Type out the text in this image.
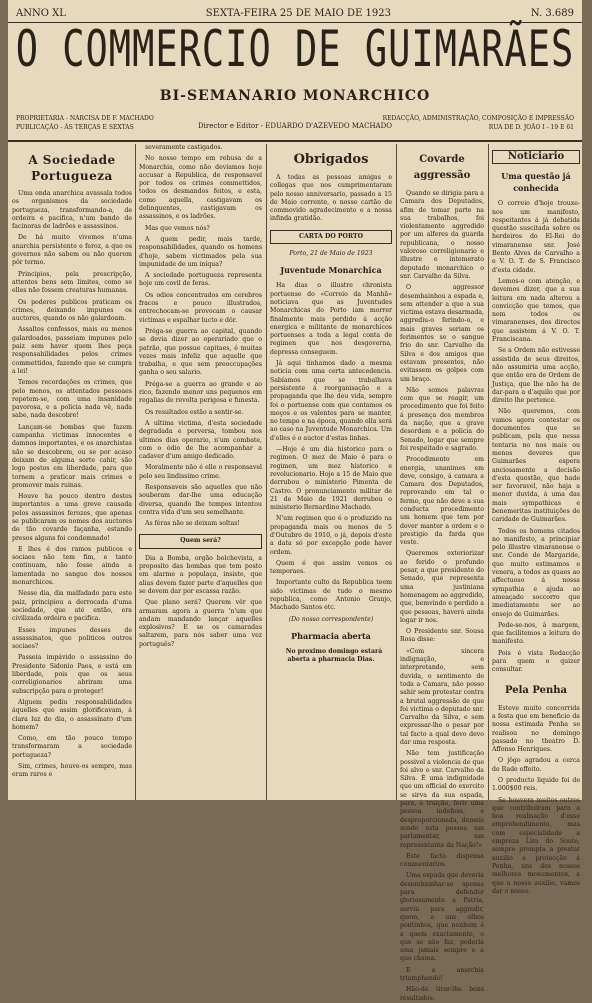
ANNO XL	SEXTA-FEIRA 25 DE MAIO DE 1923	N. 3.689
O COMMERCIO DE GUIMARÃES
BI-SEMANARIO MONARCHICO
PROPRIETARIA - NARCISA DE F. MACHADO
PUBLICAÇÃO - ÁS TERÇAS E SEXTAS	Director e Editor - EDUARDO D'AZEVEDO MACHADO
REDACÇÃO, ADMINISTRAÇÃO, COMPOSIÇÃO E IMPRESSÃO
RUA DE D. JOÃO I - 19 E 61
A Sociedade Portugueza

Uma onda anarchica avassala todos os organismos da sociedade portugueza, transformando-a, de ordeira e pacifica, n'um bando de facinoras de ladrões e assassinos.

De há muito vivemos n'uma anarchia persistente e feroz, a que os governos não sabem ou não querem pôr termo.

Principios, pela prescripção, attentos bens sem limites, como se elles não fossem creaturas humanas.

Os poderes publicos praticam os crimes, deixando impunes os auctores, quando os não galardoam.

Assaltos confessos, mais ou menos galardoados, passeiam impunes pelo paiz sem haver quem lhes peça responsabilidades pelos crimes commettidos, fazendo que se cumpra a lei!

Temos recordações os crimes, que pelo menos, os attentados pessoaes repetem-se, com uma insanidade pavorosa, e a policia nada vê, nada sabe, nada descobre!

Lançam-se bombas que fazem campanha victimas innocentes e damnos importantes, e os anarchistas não se descobrem, ou se por acaso deixam de alguma sorte cahir, são logo postos em liberdade, para que tornem a praticar mais crimes e promover mais ruinas.

Houve ha pouco dentro destes importantes a uma greve causada pelos assassinos ferozes, que apenas se publicaram os nomes dos auctores de tão covarde façanha, estando presos alguns foi condemnado!

E lhes é dos ramos publicos e sociaes não tem fim, e tanto continuam, não fosse ainda a lamentada no sangue dos nossos monarchicos.

Nesse dia, dia malfadado para este paiz, principiou a derrocada d'uma sociedade, que até então, era civilizada ordeira e pacifica.

Esses impunes desses de assassinatos, que politicos outros sociaes?

Passeia impávido o assassino do Presidente Sidonio Paes, e está em liberdade, pois que os seus correligionarios abriram uma subscripção para o proteger!

Alguem pediu responsabilidades áquelles que assim glorificavam, á clara luz do dia, o assassinato d'um homem?

Como, em tão pouco tempo transformaram a sociedade portugueza?

Sim, crimes, houve-os sempre, mas eram raros e

severamente castigados.

No nosso tempo em rehusa de a Monarchia, como não devíamos hoje accusar a Republica, de responsavel por todos os crimes commettidos, todos os desmandos feitos, e esta, como aquella, castigavam os delinquentes, castigavam os assassinos, e os ladrões.

Mas que vemos nós?

A quem pedir, mais tarde, responsabilidades, quando os homens d'hoje, sabem victimados pela sua impunidade de um iníqua?

A sociedade portugueza representa hoje um covil de feras.

Os odios concentrados em cerebros fracos e pouco illustrados, entrechocam-se provocam o causar victimas e espalhar lucto e dôr.

Préga-se guerra ao capital, quando se devia dizer ao operariado que o patrão, que possue capitaes, é muitas vezes mais infeliz que aquelle que trabalha, e que sem preoccupações ganha o seu salario.

Préga-se a guerra ao grande e ao rico, fazendo menor uns pequenos em regalias de revolta perigosa e funesta.

Os resultados estão a sentir-se.

A ultima victima, d'esta sociedade degradada e perversa, tombou nos ultimos dias operario, n'um combate, com o ódio de lhe acompanhar a cadaver d'um amigo dedicado.

Moralmente não é elle o responsavel pelo seu lindissimo crime.

Responsaveis são aquelles que não souberam dar-lhe uma educação diversa, quando lhe tempos intentou contra vida d'um seu semelhante.

As féras não se deixam soltas!

Quem será?

Dia a Bomba, orgão bolchevista, a proposito das bombas que tem posto em alarme a populaça, insiste, que alias devem fazer parte d'aquelles que se devem dar por escassa razão.

Que plano será? Querem vêr que armaram agora a guerra 'n'um que andam mandando lançar aquelles explosivos? E se os camaradas saltarem, para nós saber uma vez português?

Obrigados

A todas as pessoas amigas e collegas que nos cumprimentaram pelo nosso anniversario, passado a 15 de Maio corrente, o nosso cartão de commovido agradecimento e a nossa infinda gratidão.

CARTA DO PORTO
Porto, 21 de Maio de 1923
Juventude Monarchica

Ha dias o illustre chronista portuense do «Correio da Manhã» noticiava que as Juventudes Monarchicas do Porto iam morrer finalmente mais perdido á acção energica e militante de monarchicos portuenses a toda a legal conta de regimen que nos desgoverna, depressa conseguem.

Já aqui tínhamos dado a mesma noticia com uma certa antecedencia. Sabíamos que se trabalhava persistente á reorganisação e a propaganda que lhe deu vida, sempre foi o portuense com que contamos os moços e os valentes para se manter, no tempo e na época, quando ella será ao caso na Juventude Monarchica. Um d'elles é o auctor d'estas linhas.

—Hoje é um dia historico para o regimen. O mez de Maio é para o regimen, um mez historico e revolucionario. Hoje a 15 de Maio que derrubou o ministerio Pimenta de Castro. O pronunciamento militar de 21 de Maio de 1921 derrubou o ministerio Bernardino Machado.

N'um regimen que é o produzido na propaganda mais ou menos de 5 d'Outubro de 1910, o já, depois d'este a data só por excepção pode haver ordem.

Quem é que assim vemos os temporaes.

Importante culto da Republica teem sido victimas de tudo o mesmo republica, como Antonio Granjo, Machado Santos etc.

(Do nosso correspondente)
Pharmacia aberta

No proximo domingo estará aberta a pharmacia Dias.

Covarde aggressão

Quando se dirigia para a Camara dos Deputados, afim de tomar parte na sua trabalhos, foi violentamente aggredido por um alferes da guarda republicana, o nosso valoroso correligionario e illustre e intemerato deputado monarchico o snr. Carvalho da Silva.

O aggressor desembainhou a espada e, sem attender a que a sua victima estava desarmada, aggrediu-o ferindo-o, e mais graves seriam os ferimentos se o sangue frio do snr. Carvalho da Silva e dos amigos que estavam presentes, não evitassem os golpes com um braço.

Não somos palavras com que se reagir, um procedimento que foi feito á presença dos membros da nação, que a grave desordem e a policia do Senado, logar que sempre foi respeitado e sagrado.

Procedimento em energia, unanimes em deve, consigo, á camara a Camara dos Deputados, reprovando em tal o fermo, que não deve a sua conducta procedimento um homem que tem por dever manter a ordem e o prestigio da farda que veste.

Queremos exteriorizar ao ferido o profundo pesar, a que presidente do Senado, que representa uma justiniana homenagem ao aggredido, que, bemvindo e perdido a que pessoas, haverá ainda logar ir nos.

O Presidente snr. Sousa Rosa disse:

«Com sincera indignação, e interpretando, sem duvida, o sentimento de toda a Camara, não posso sahir sem protestar contra a brutal aggressão de que foi victima o deputado snr. Carvalho da Silva, e sem expressar-lhe o pesar por tal facto a qual devo devo dar uma resposta.

Não tem justificação possivel a violencia de que foi alvo o snr. Carvalho da Silva. É uma indignidade que um official do exercito se sirva da sua espada, para, á traição, ferir uma pessoa indefesa, e desproporcionada, demais sendo esta pessoa um parlamentar, um representante da Nação!»

Este facto dispensa commentarios.

Uma espada que deveria desembainhar-se apenas para defender gloriosamente a Patria, serviu para aggredir, quem, a uns olhos pontinhos, que nenhum é a quem exactamente, o que se não faz, poderia uma jamais sempre o a que chama.

E a anarchia triumphando!

Hão-de tirar-lhe bons resultados.

Noticiario
Uma questão já conhecida

O correio d'hoje trouxe-nos um manifesto, respeitantes á já debatida questão suscitada sobre os herdeiros do El-Rei do vimaranense snr. José Bento Alves de Carvalho a e V. O. T. de S. Francisco d'esta cidade.

Lemos-o com atenção, e devemos dizer, que a sua leitura em nada alterou a convicção que temos, que nem todos os vimaranenses, dos directos que assistem á V. O. T. Franciscana.

Se a Ordem não estivesse assistida de seus direitos, não assumiria uma acção, que então era de Ordem de Justiça, que lhe não ha de dar-para a d'aquilo que por direito lhe pertence.

Não queremos, com vamos agora contestar os documentos que se publicam, pela que nessa tentaria no nos mais ou menos deveres que Guimarães espera anciosamente a decisão d'esta questão, que hade ser favoravel, não haja a menor duvida, á uma das mais sympathicas e benemeritas instituições de caridade de Guimarães.

Todos os homens citados no manifesto, a principiar pelo illustre vimaranense o snr. Conde de Margaride, que muito estimamos e venera, a todos as quaes ao affectuoso á nossa sympathia e ajuda ao ameaçado soccorro que imediatamente ser ao ensejo de Guimarães.

Pede-se-nos, á margem, que facilitemos a leitura do manifesto.

Pois é vista Redacção para quem o quizer consultar.

Pela Penha

Esteve muito concorrida a festa que em beneficio da nossa estimada Penha se realisou no domingo passado no theatro D. Affonso Henriques.

O jôgo agradou a cerca de Rade effeito.

O producto liquido foi de 1.000$00 reis.

Se houvera muitos outros que contribuiram para a boa realisação d'esse emprehendimento, mas com especialidade a empreza Lira do Souto, sempre prompta a prestar auxilio e protecção á Penha, uns dos nossos melhores monumentos, a que a nosso auxilio, vamos dar o nosso.
